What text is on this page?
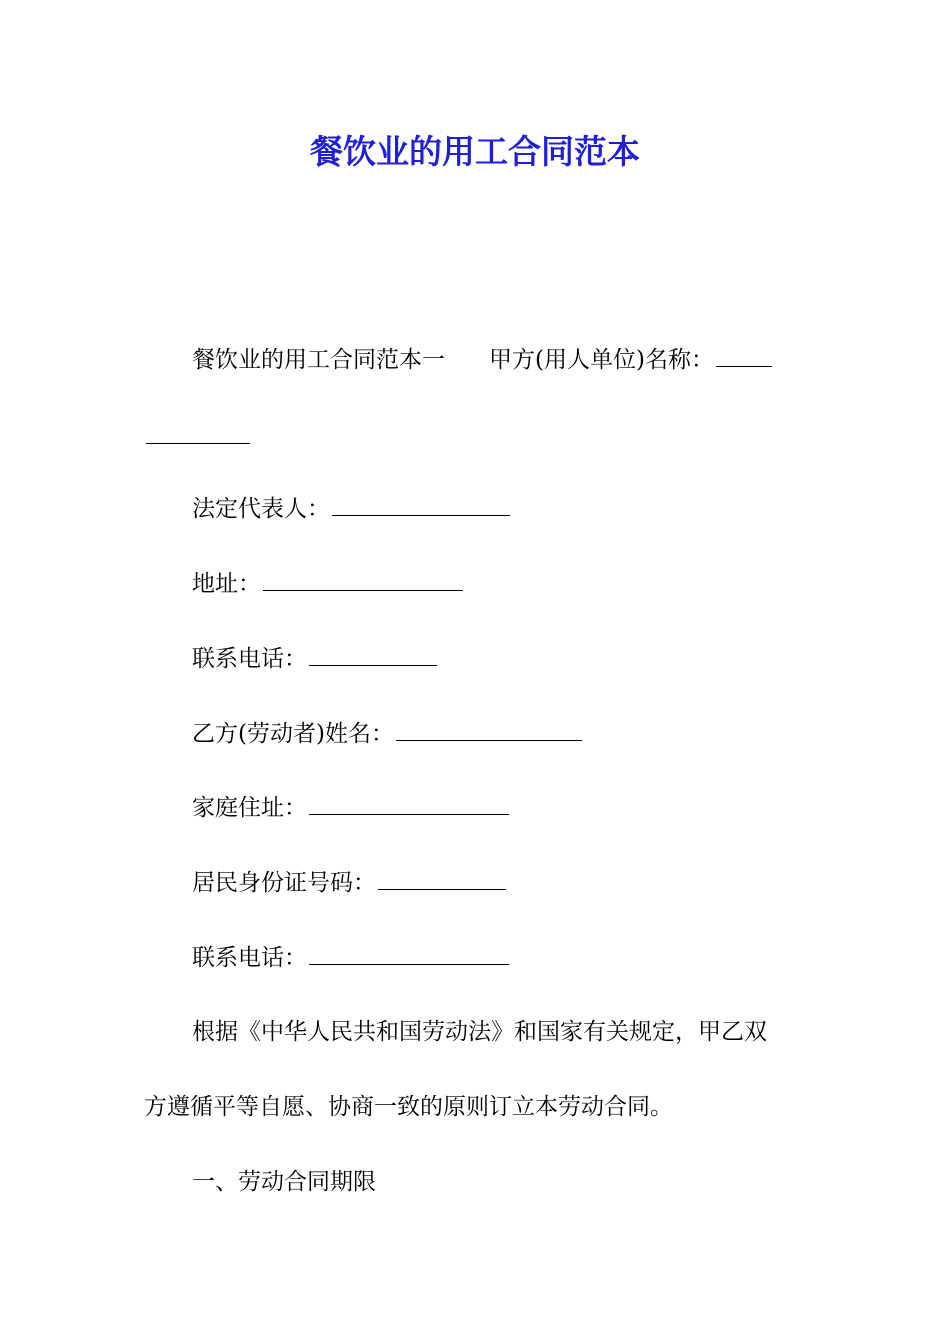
餐饮业的用工合同范本

餐饮业的用工合同范本一 甲方(用人单位)名称：

法定代表人：

地址：

联系电话：

乙方(劳动者)姓名：

家庭住址：

居民身份证号码：

联系电话：

根据《中华人民共和国劳动法》和国家有关规定，甲乙双

方遵循平等自愿、协商一致的原则订立本劳动合同。

一、劳动合同期限
